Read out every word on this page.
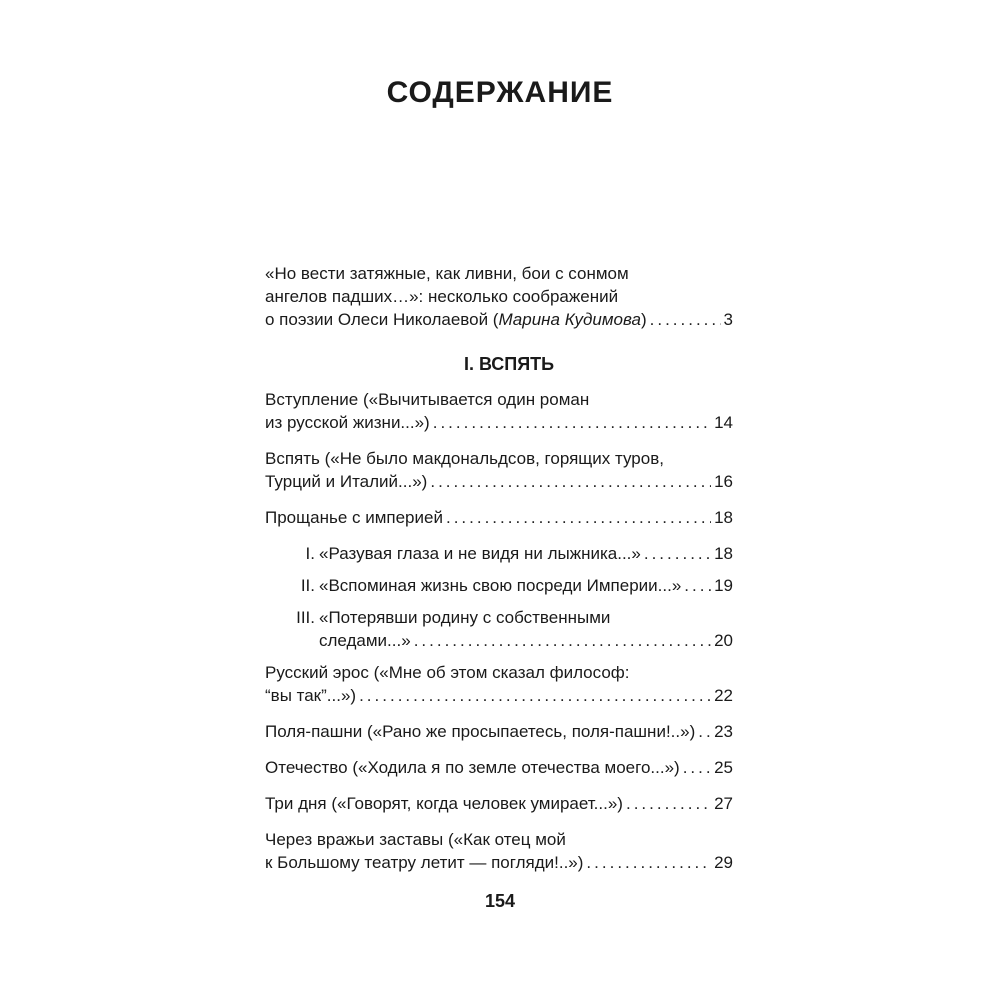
СОДЕРЖАНИЕ
«Но вести затяжные, как ливни, бои с сонмом
ангелов падших…»: несколько соображений
о поэзии Олеси Николаевой (Марина Кудимова) .....	3
I. ВСПЯТЬ
Вступление («Вычитывается один роман
из русской жизни...») .....	14
Вспять («Не было макдональдсов, горящих туров,
Турций и Италий...») .....	16
Прощанье с империей .....	18
I. «Разувая глаза и не видя ни лыжника...» .....	18
II. «Вспоминая жизнь свою посреди Империи...» ..... 19
III. «Потерявши родину с собственными
следами...» .....	20
Русский эрос («Мне об этом сказал философ:
“вы так”...») .....	22
Поля-пашни («Рано же просыпаетесь, поля-пашни!..») ..... 23
Отечество («Ходила я по земле отечества моего...») ..... 25
Три дня («Говорят, когда человек умирает...») .....	27
Через вражьи заставы («Как отец мой
к Большому театру летит — погляди!..») .....	29
154
